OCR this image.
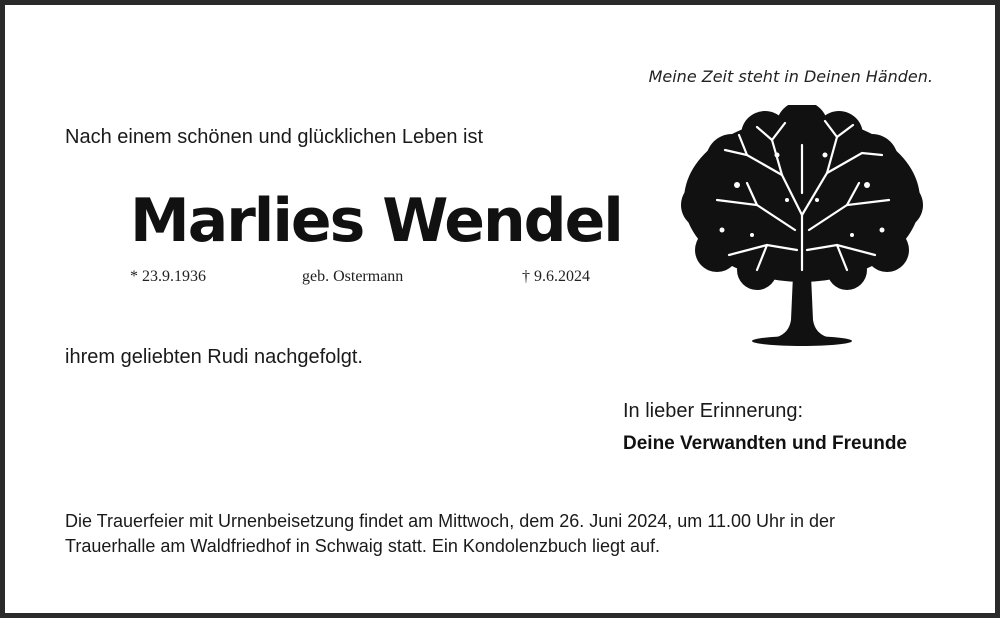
Meine Zeit steht in Deinen Händen.
Nach einem schönen und glücklichen Leben ist
Marlies Wendel
* 23.9.1936	geb. Ostermann	† 9.6.2024
ihrem geliebten Rudi nachgefolgt.
In lieber Erinnerung:
Deine Verwandten und Freunde
Die Trauerfeier mit Urnenbeisetzung findet am Mittwoch, dem 26. Juni 2024, um 11.00 Uhr in der
Trauerhalle am Waldfriedhof in Schwaig statt. Ein Kondolenzbuch liegt auf.
